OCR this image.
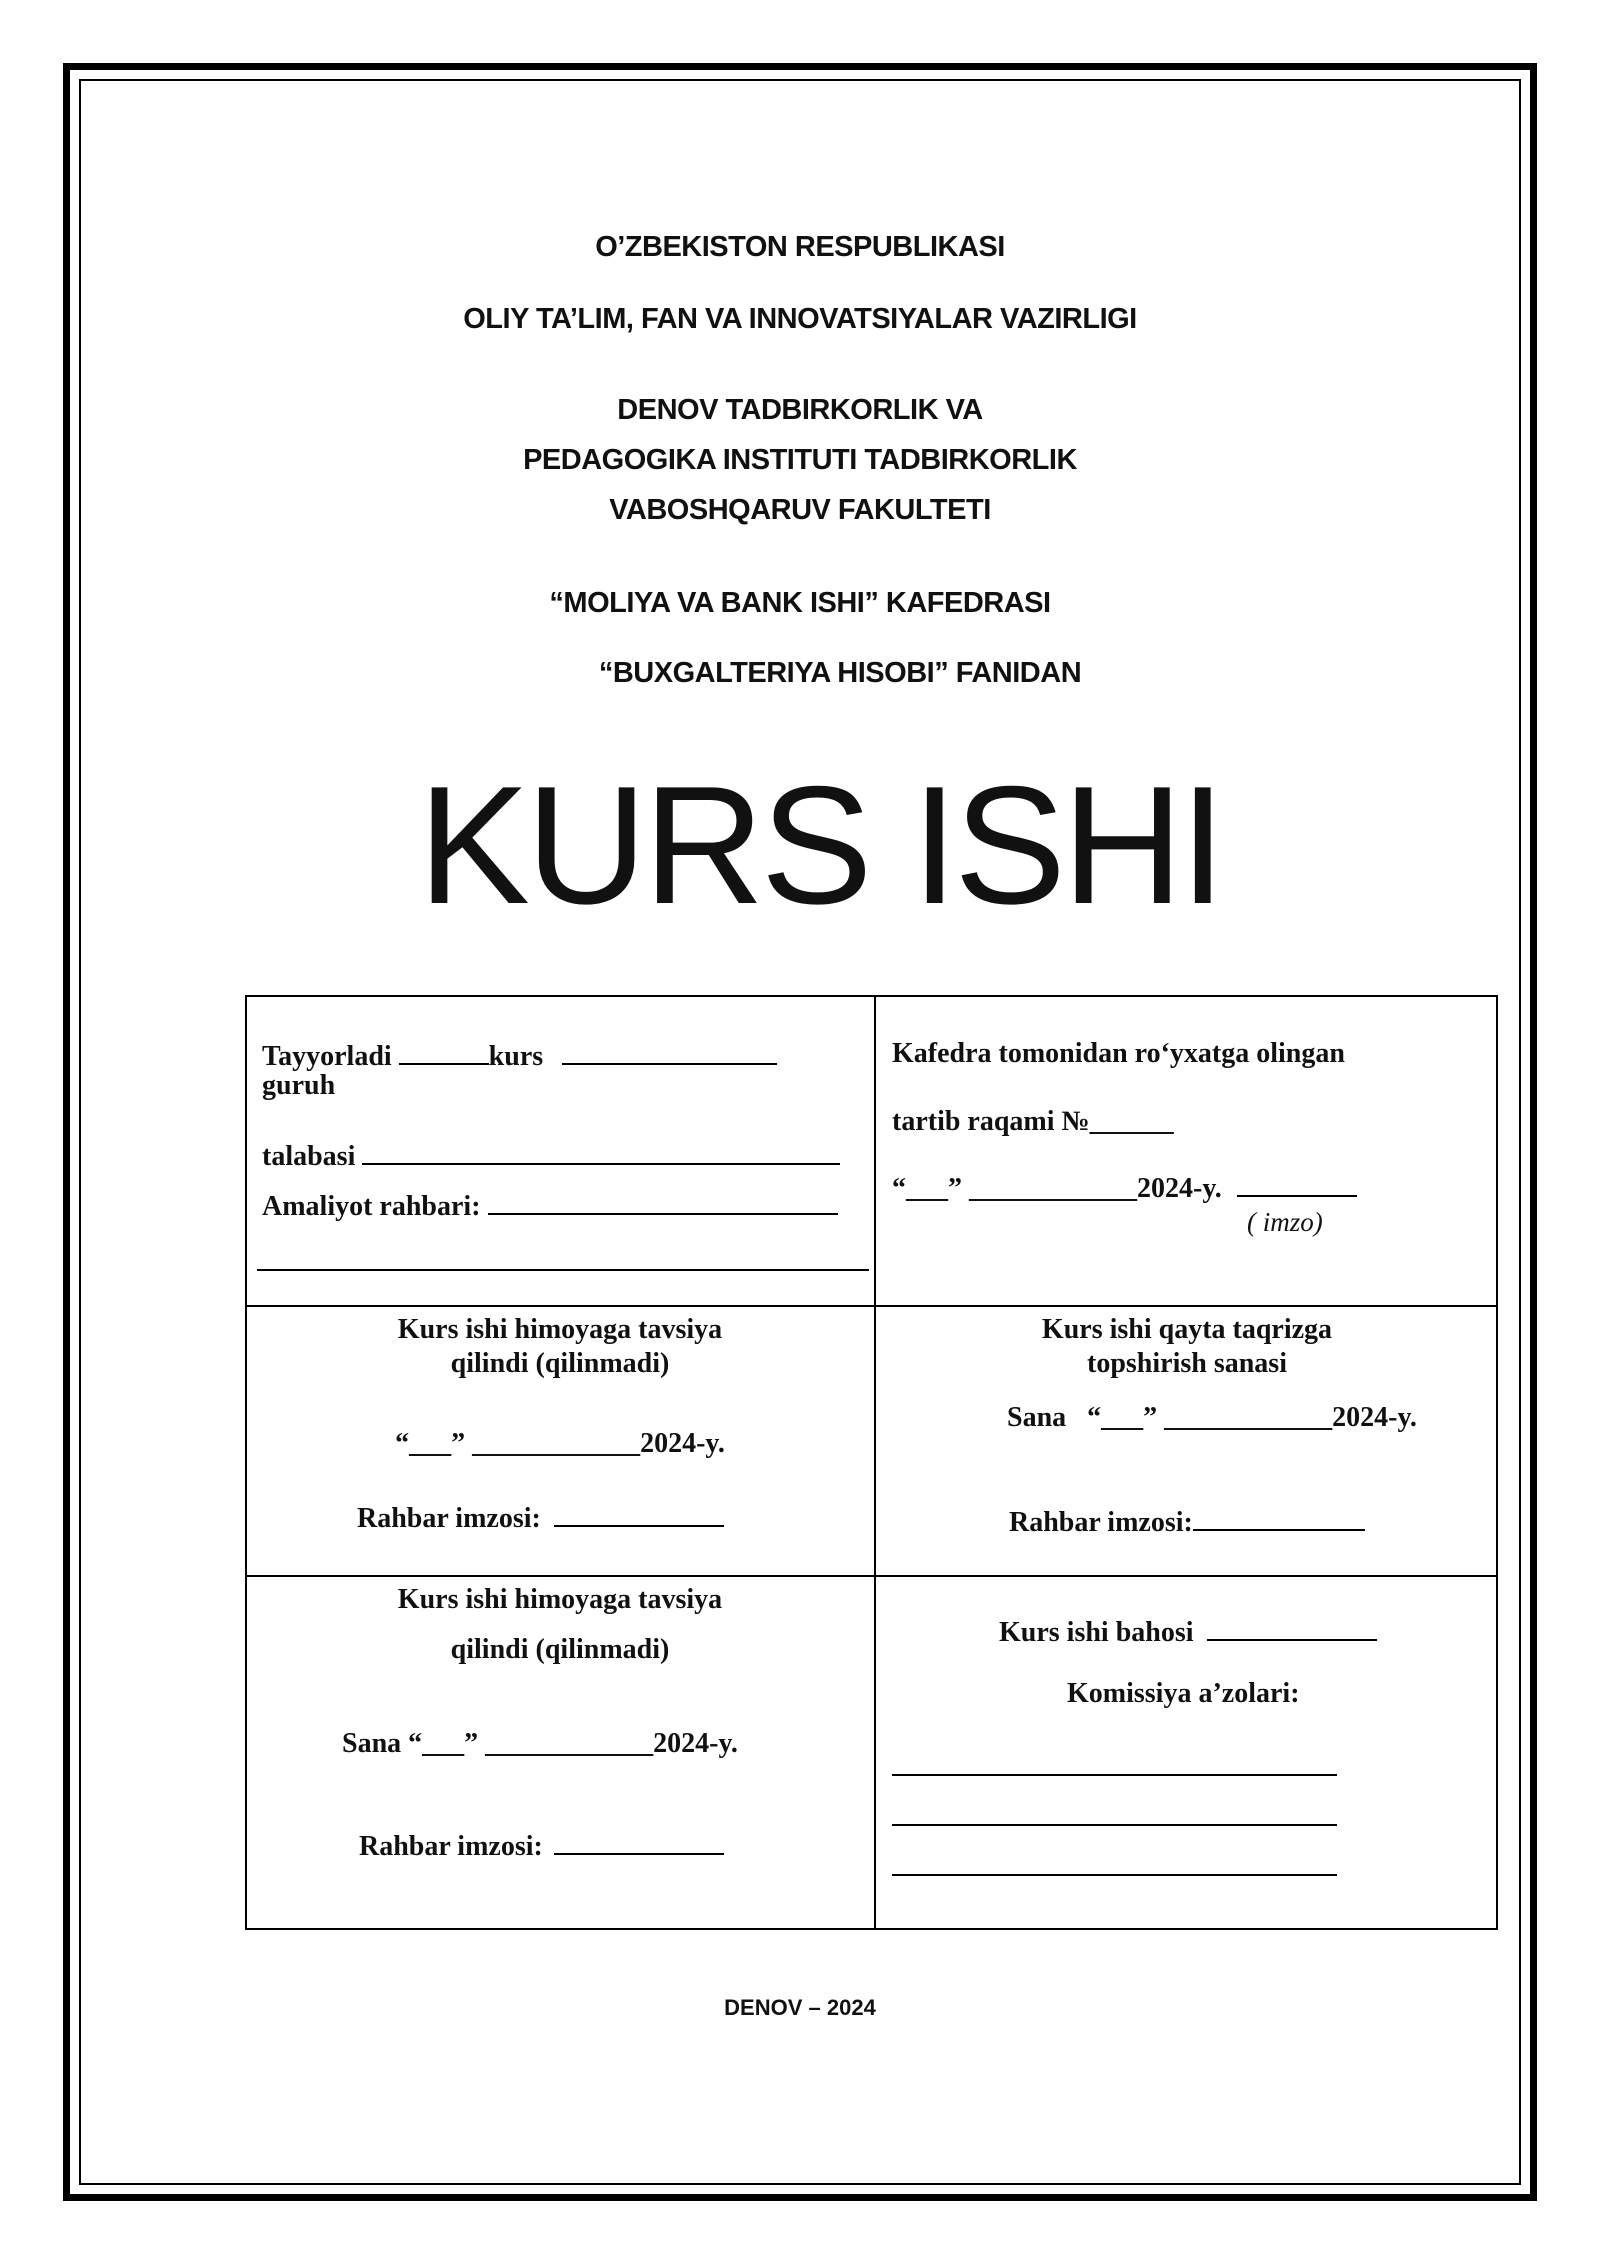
O’ZBEKISTON RESPUBLIKASI
OLIY TA’LIM, FAN VA INNOVATSIYALAR VAZIRLIGI
DENOV TADBIRKORLIK VA
PEDAGOGIKA INSTITUTI TADBIRKORLIK
VABOSHQARUV FAKULTETI
“MOLIYA VA BANK ISHI” KAFEDRASI
“BUXGALTERIYA HISOBI” FANIDAN
KURS ISHI
Tayyorladi	kurs
guruh
talabasi
Amaliyot rahbari:
Kafedra tomonidan ro‘yxatga olingan
tartib raqami №______
“___” ____________2024-y.
( imzo)
Kurs ishi himoyaga tavsiya
qilindi (qilinmadi)
“___” ____________2024-y.
Rahbar imzosi:
Kurs ishi qayta taqrizga
topshirish sanasi
Sana   “___” ____________2024-y.
Rahbar imzosi:
Kurs ishi himoyaga tavsiya
qilindi (qilinmadi)
Sana “___” ____________2024-y.
Rahbar imzosi:
Kurs ishi bahosi
Komissiya a’zolari:
DENOV – 2024
